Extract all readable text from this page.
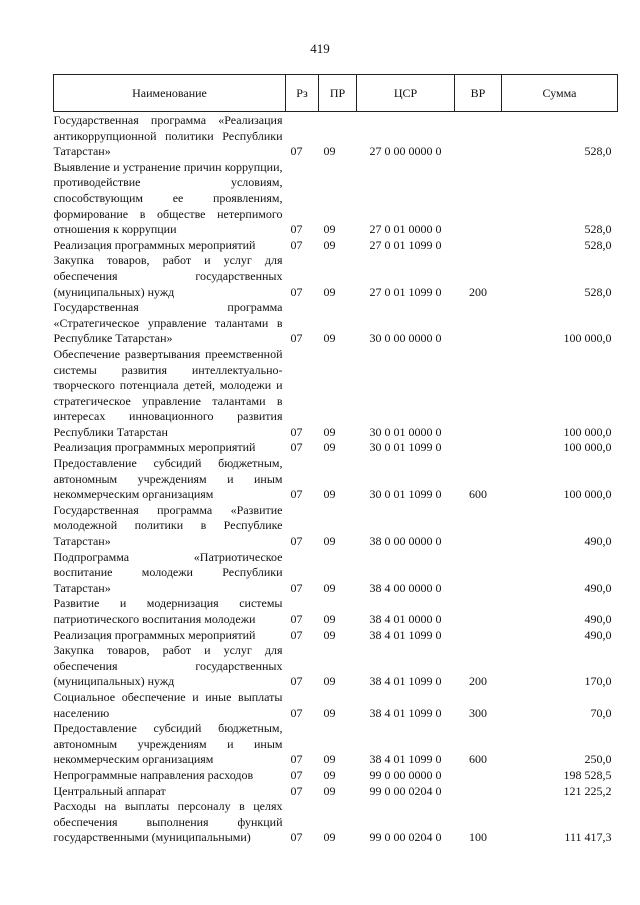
419
Наименование	Рз	ПР	ЦСР	ВР	Сумма
Государственная программа «Реализация антикоррупционной политики Республики Татарстан»	07	09	27 0 00 0000 0		528,0
Выявление и устранение причин коррупции, противодействие условиям, способствующим ее проявлениям, формирование в обществе нетерпимого отношения к коррупции	07	09	27 0 01 0000 0		528,0
Реализация программных мероприятий	07	09	27 0 01 1099 0		528,0
Закупка товаров, работ и услуг для обеспечения государственных (муниципальных) нужд	07	09	27 0 01 1099 0	200	528,0
Государственная программа «Стратегическое управление талантами в Республике Татарстан»	07	09	30 0 00 0000 0		100 000,0
Обеспечение развертывания преемственной системы развития интеллектуально-творческого потенциала детей, молодежи и стратегическое управление талантами в интересах инновационного развития Республики Татарстан	07	09	30 0 01 0000 0		100 000,0
Реализация программных мероприятий	07	09	30 0 01 1099 0		100 000,0
Предоставление субсидий бюджетным, автономным учреждениям и иным некоммерческим организациям	07	09	30 0 01 1099 0	600	100 000,0
Государственная программа «Развитие молодежной политики в Республике Татарстан»	07	09	38 0 00 0000 0		490,0
Подпрограмма «Патриотическое воспитание молодежи Республики Татарстан»	07	09	38 4 00 0000 0		490,0
Развитие и модернизация системы патриотического воспитания молодежи	07	09	38 4 01 0000 0		490,0
Реализация программных мероприятий	07	09	38 4 01 1099 0		490,0
Закупка товаров, работ и услуг для обеспечения государственных (муниципальных) нужд	07	09	38 4 01 1099 0	200	170,0
Социальное обеспечение и иные выплаты населению	07	09	38 4 01 1099 0	300	70,0
Предоставление субсидий бюджетным, автономным учреждениям и иным некоммерческим организациям	07	09	38 4 01 1099 0	600	250,0
Непрограммные направления расходов	07	09	99 0 00 0000 0		198 528,5
Центральный аппарат	07	09	99 0 00 0204 0		121 225,2
Расходы на выплаты персоналу в целях обеспечения выполнения функций государственными (муниципальными)	07	09	99 0 00 0204 0	100	111 417,3
